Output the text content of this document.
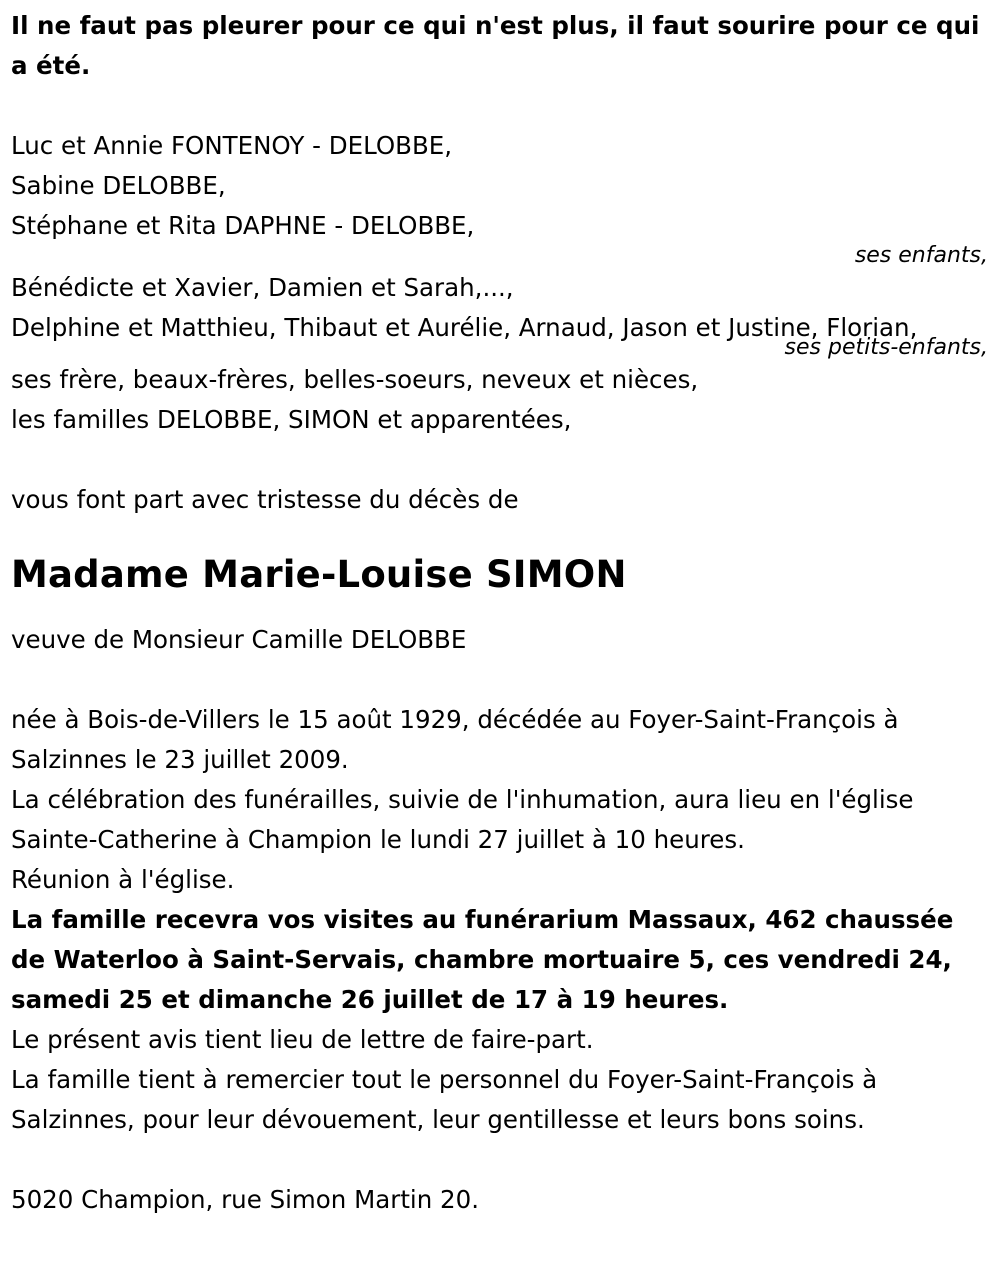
Il ne faut pas pleurer pour ce qui n'est plus, il faut sourire pour ce qui a été.
Luc et Annie FONTENOY - DELOBBE,
Sabine DELOBBE,
Stéphane et Rita DAPHNE - DELOBBE,
ses enfants,
Bénédicte et Xavier, Damien et Sarah,...,
Delphine et Matthieu, Thibaut et Aurélie, Arnaud, Jason et Justine, Florian,
ses petits-enfants,
ses frère, beaux-frères, belles-soeurs, neveux et nièces,
les familles DELOBBE, SIMON et apparentées,
vous font part avec tristesse du décès de
Madame Marie-Louise SIMON
veuve de Monsieur Camille DELOBBE
née à Bois-de-Villers le 15 août 1929, décédée au Foyer-Saint-François à Salzinnes le 23 juillet 2009.
La célébration des funérailles, suivie de l'inhumation, aura lieu en l'église Sainte-Catherine à Champion le lundi 27 juillet à 10 heures.
Réunion à l'église.
La famille recevra vos visites au funérarium Massaux, 462 chaussée de Waterloo à Saint-Servais, chambre mortuaire 5, ces vendredi 24, samedi 25 et dimanche 26 juillet de 17 à 19 heures.
Le présent avis tient lieu de lettre de faire-part.
La famille tient à remercier tout le personnel du Foyer-Saint-François à Salzinnes, pour leur dévouement, leur gentillesse et leurs bons soins.
5020 Champion, rue Simon Martin 20.
